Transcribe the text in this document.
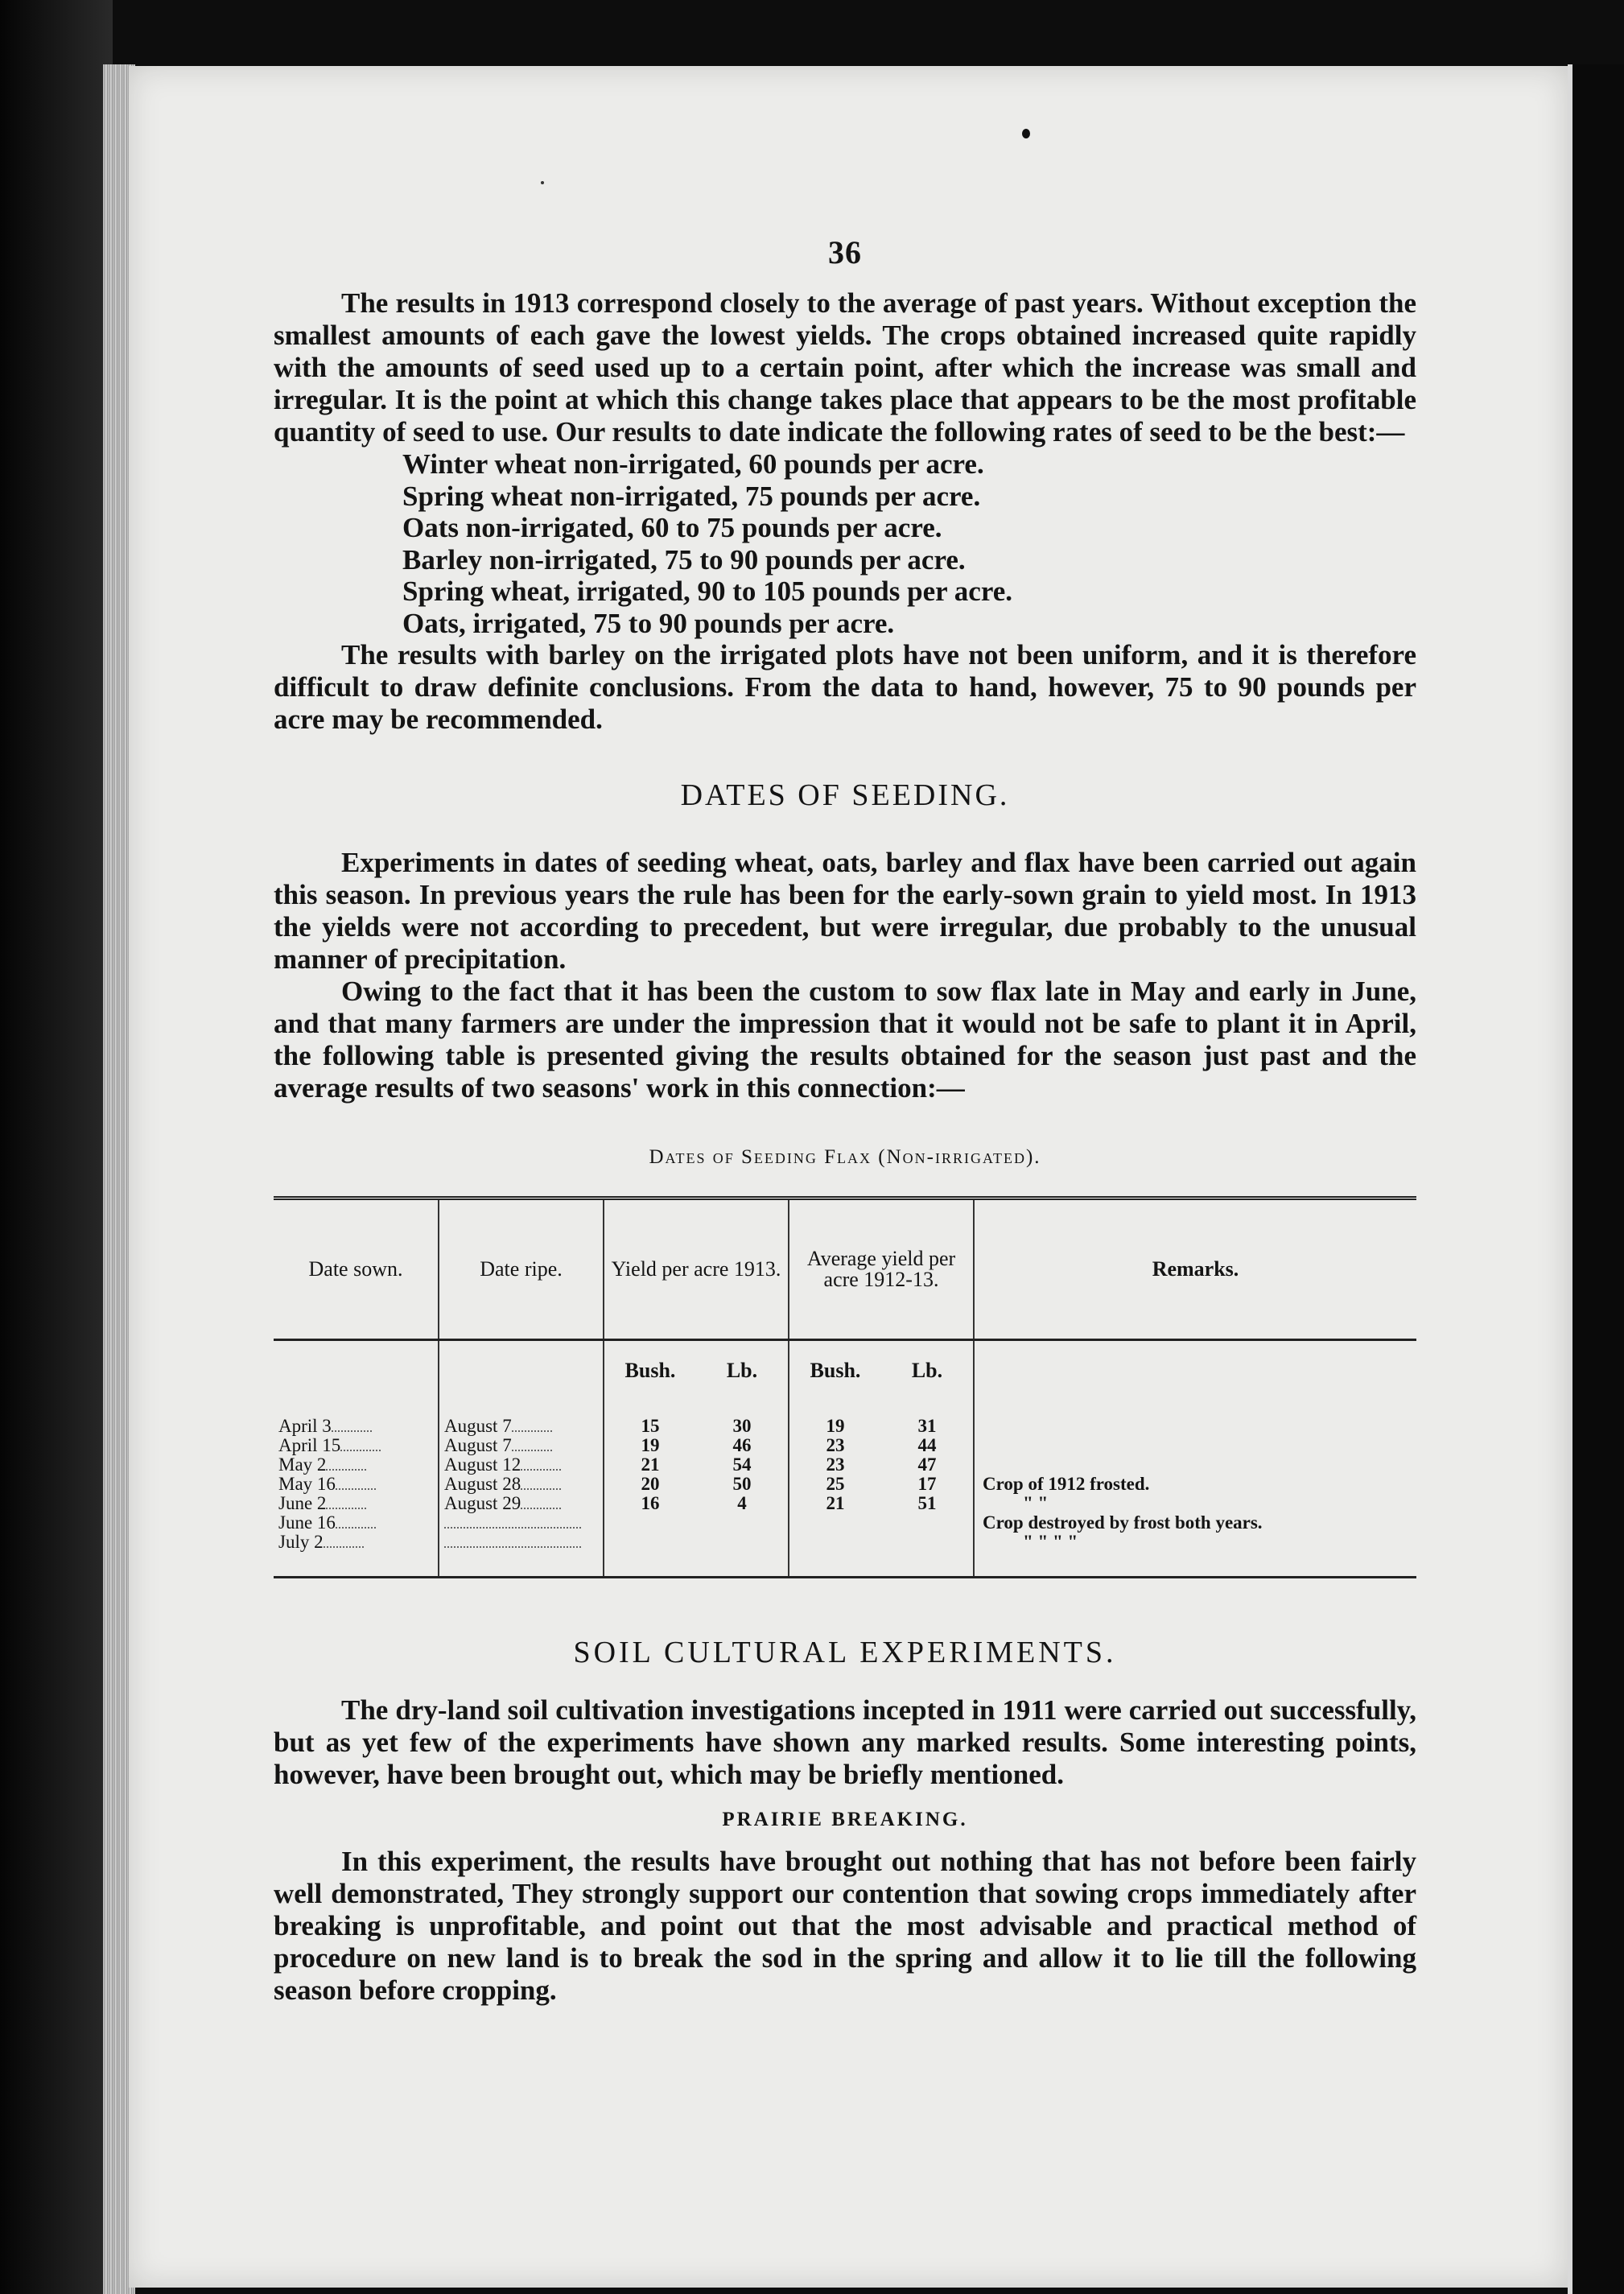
36

The results in 1913 correspond closely to the average of past years. Without exception the smallest amounts of each gave the lowest yields. The crops obtained increased quite rapidly with the amounts of seed used up to a certain point, after which the increase was small and irregular. It is the point at which this change takes place that appears to be the most profitable quantity of seed to use. Our results to date indicate the following rates of seed to be the best:—

Winter wheat non-irrigated, 60 pounds per acre.
Spring wheat non-irrigated, 75 pounds per acre.
Oats non-irrigated, 60 to 75 pounds per acre.
Barley non-irrigated, 75 to 90 pounds per acre.
Spring wheat, irrigated, 90 to 105 pounds per acre.
Oats, irrigated, 75 to 90 pounds per acre.

The results with barley on the irrigated plots have not been uniform, and it is therefore difficult to draw definite conclusions. From the data to hand, however, 75 to 90 pounds per acre may be recommended.

DATES OF SEEDING.

Experiments in dates of seeding wheat, oats, barley and flax have been carried out again this season. In previous years the rule has been for the early-sown grain to yield most. In 1913 the yields were not according to precedent, but were irregular, due probably to the unusual manner of precipitation.

Owing to the fact that it has been the custom to sow flax late in May and early in June, and that many farmers are under the impression that it would not be safe to plant it in April, the following table is presented giving the results obtained for the season just past and the average results of two seasons' work in this connection:—

Dates of Seeding Flax (Non-irrigated).
Date sown.	Date ripe.	Yield per acre 1913.		Average yield per acre 1912-13.		Remarks.
		Bush.	Lb.	Bush.	Lb.	

April 3	August 7	15	30	19	31	
April 15	August 7	19	46	23	44	
May 2	August 12	21	54	23	47	
May 16	August 28	20	50	25	17	Crop of 1912 frosted.
June 2	August 29	16	4	21	51	" "
June 16						Crop destroyed by frost both years.
July 2						" " " "

SOIL CULTURAL EXPERIMENTS.

The dry-land soil cultivation investigations incepted in 1911 were carried out successfully, but as yet few of the experiments have shown any marked results. Some interesting points, however, have been brought out, which may be briefly mentioned.

PRAIRIE BREAKING.

In this experiment, the results have brought out nothing that has not before been fairly well demonstrated, They strongly support our contention that sowing crops immediately after breaking is unprofitable, and point out that the most advisable and practical method of procedure on new land is to break the sod in the spring and allow it to lie till the following season before cropping.
